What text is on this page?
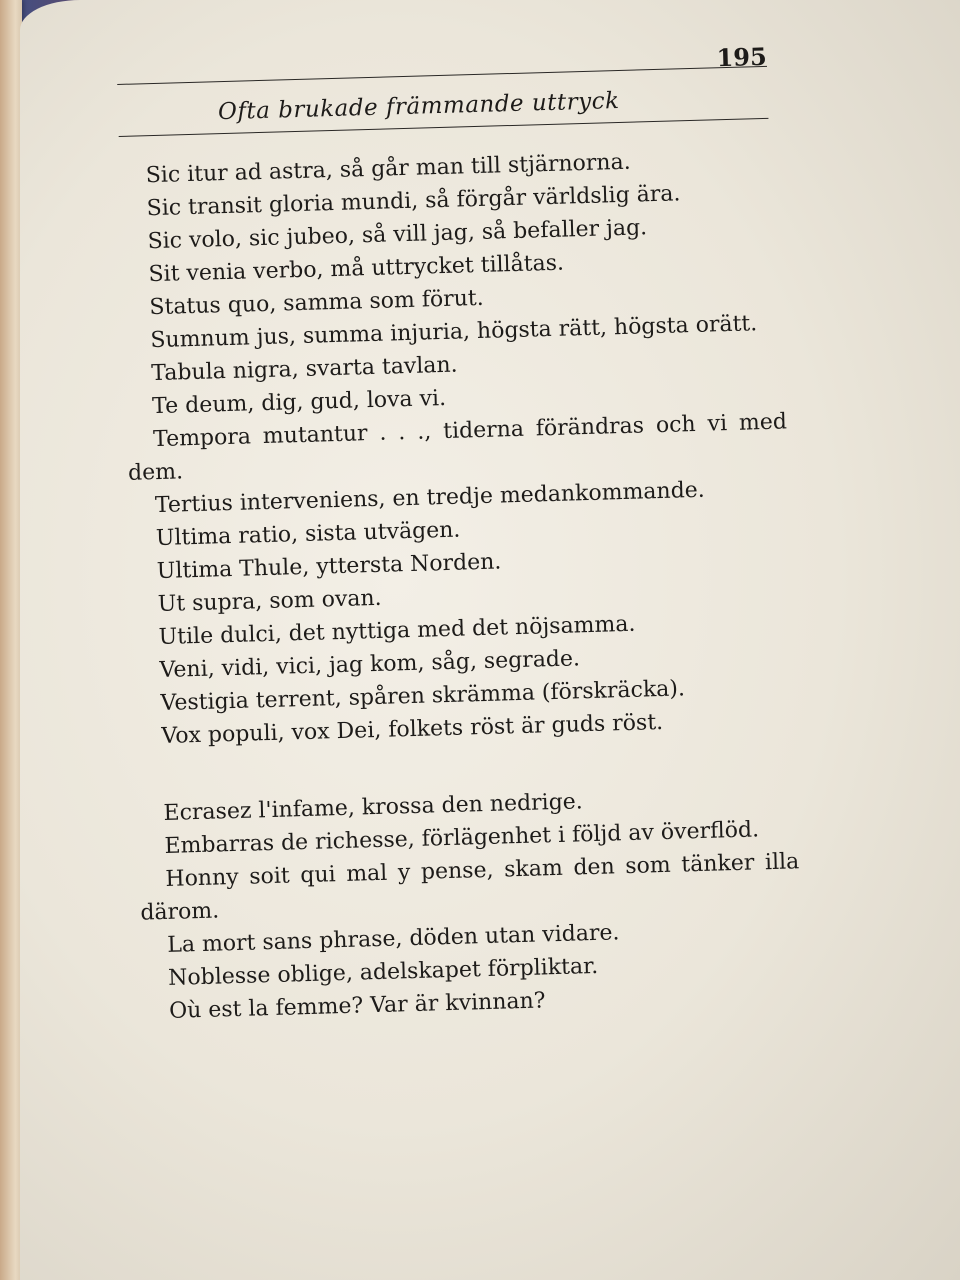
Ofta brukade främmande uttryck
195

Sic itur ad astra, så går man till stjärnorna.

Sic transit gloria mundi, så förgår världslig ära.

Sic volo, sic jubeo, så vill jag, så befaller jag.

Sit venia verbo, må uttrycket tillåtas.

Status quo, samma som förut.

Sumnum jus, summa injuria, högsta rätt, högsta orätt.

Tabula nigra, svarta tavlan.

Te deum, dig, gud, lova vi.

Tempora mutantur . . ., tiderna förändras och vi med dem.

Tertius interveniens, en tredje medankommande.

Ultima ratio, sista utvägen.

Ultima Thule, yttersta Norden.

Ut supra, som ovan.

Utile dulci, det nyttiga med det nöjsamma.

Veni, vidi, vici, jag kom, såg, segrade.

Vestigia terrent, spåren skrämma (förskräcka).

Vox populi, vox Dei, folkets röst är guds röst.

Ecrasez l'infame, krossa den nedrige.

Embarras de richesse, förlägenhet i följd av överflöd.

Honny soit qui mal y pense, skam den som tänker illa därom.

La mort sans phrase, döden utan vidare.

Noblesse oblige, adelskapet förpliktar.

Où est la femme? Var är kvinnan?
